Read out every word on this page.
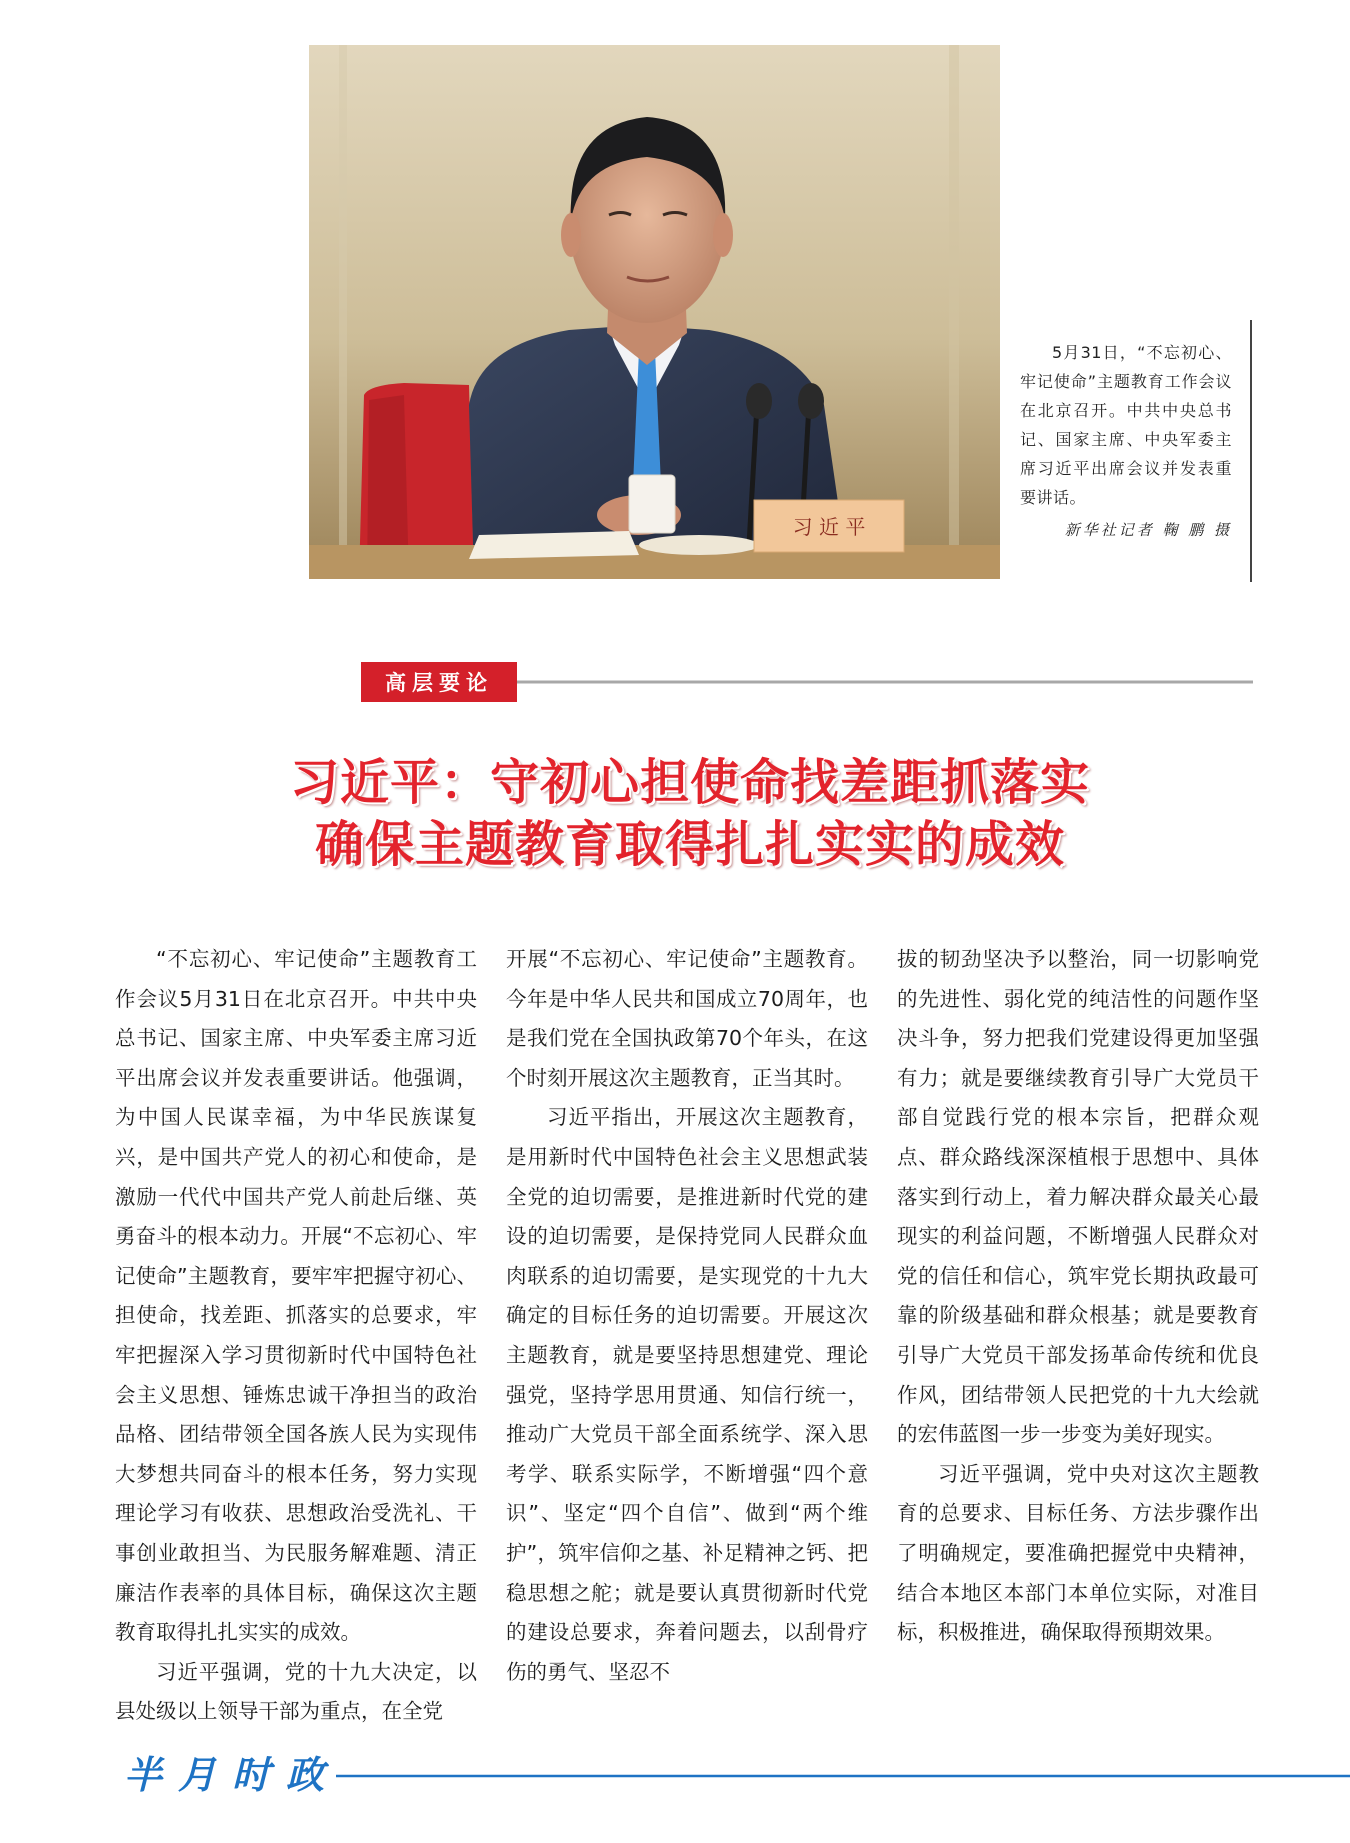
习 近 平

5月31日，“不忘初心、牢记使命”主题教育工作会议在北京召开。中共中央总书记、国家主席、中央军委主席习近平出席会议并发表重要讲话。

新华社记者 鞠 鹏 摄

高层要论
习近平：守初心担使命找差距抓落实
确保主题教育取得扎扎实实的成效

“不忘初心、牢记使命”主题教育工作会议5月31日在北京召开。中共中央总书记、国家主席、中央军委主席习近平出席会议并发表重要讲话。他强调，为中国人民谋幸福，为中华民族谋复兴，是中国共产党人的初心和使命，是激励一代代中国共产党人前赴后继、英勇奋斗的根本动力。开展“不忘初心、牢记使命”主题教育，要牢牢把握守初心、担使命，找差距、抓落实的总要求，牢牢把握深入学习贯彻新时代中国特色社会主义思想、锤炼忠诚干净担当的政治品格、团结带领全国各族人民为实现伟大梦想共同奋斗的根本任务，努力实现理论学习有收获、思想政治受洗礼、干事创业敢担当、为民服务解难题、清正廉洁作表率的具体目标，确保这次主题教育取得扎扎实实的成效。

习近平强调，党的十九大决定，以县处级以上领导干部为重点，在全党

开展“不忘初心、牢记使命”主题教育。今年是中华人民共和国成立70周年，也是我们党在全国执政第70个年头，在这个时刻开展这次主题教育，正当其时。

习近平指出，开展这次主题教育，是用新时代中国特色社会主义思想武装全党的迫切需要，是推进新时代党的建设的迫切需要，是保持党同人民群众血肉联系的迫切需要，是实现党的十九大确定的目标任务的迫切需要。开展这次主题教育，就是要坚持思想建党、理论强党，坚持学思用贯通、知信行统一，推动广大党员干部全面系统学、深入思考学、联系实际学，不断增强“四个意识”、坚定“四个自信”、做到“两个维护”，筑牢信仰之基、补足精神之钙、把稳思想之舵；就是要认真贯彻新时代党的建设总要求，奔着问题去，以刮骨疗伤的勇气、坚忍不

拔的韧劲坚决予以整治，同一切影响党的先进性、弱化党的纯洁性的问题作坚决斗争，努力把我们党建设得更加坚强有力；就是要继续教育引导广大党员干部自觉践行党的根本宗旨，把群众观点、群众路线深深植根于思想中、具体落实到行动上，着力解决群众最关心最现实的利益问题，不断增强人民群众对党的信任和信心，筑牢党长期执政最可靠的阶级基础和群众根基；就是要教育引导广大党员干部发扬革命传统和优良作风，团结带领人民把党的十九大绘就的宏伟蓝图一步一步变为美好现实。

习近平强调，党中央对这次主题教育的总要求、目标任务、方法步骤作出了明确规定，要准确把握党中央精神，结合本地区本部门本单位实际，对准目标，积极推进，确保取得预期效果。

半 月 时 政
